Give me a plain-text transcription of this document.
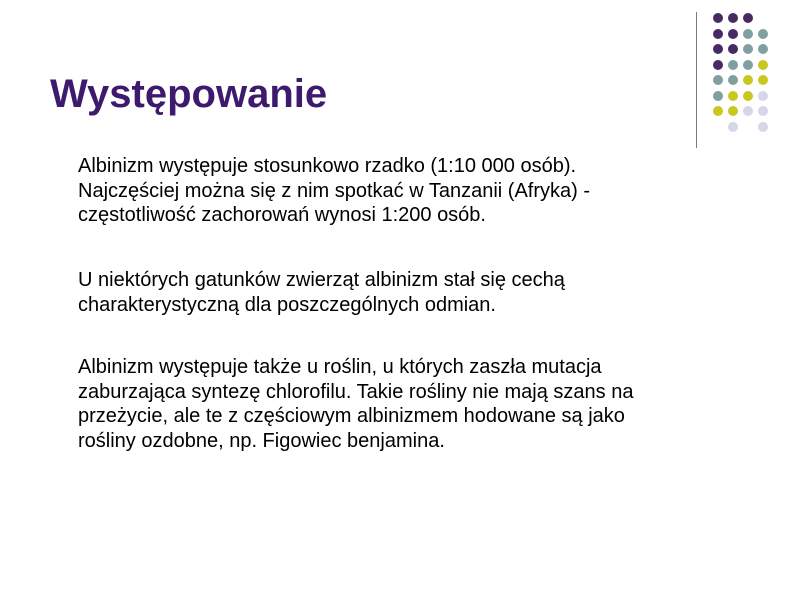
Występowanie

Albinizm występuje stosunkowo rzadko (1:10 000 osób).
Najczęściej można się z nim spotkać w Tanzanii (Afryka) -
częstotliwość zachorowań wynosi 1:200 osób.

U niektórych gatunków zwierząt albinizm stał się cechą
charakterystyczną dla poszczególnych odmian.

Albinizm występuje także u roślin, u których zaszła mutacja
zaburzająca syntezę chlorofilu. Takie rośliny nie mają szans na
przeżycie, ale te z częściowym albinizmem hodowane są jako
rośliny ozdobne, np. Figowiec benjamina.
